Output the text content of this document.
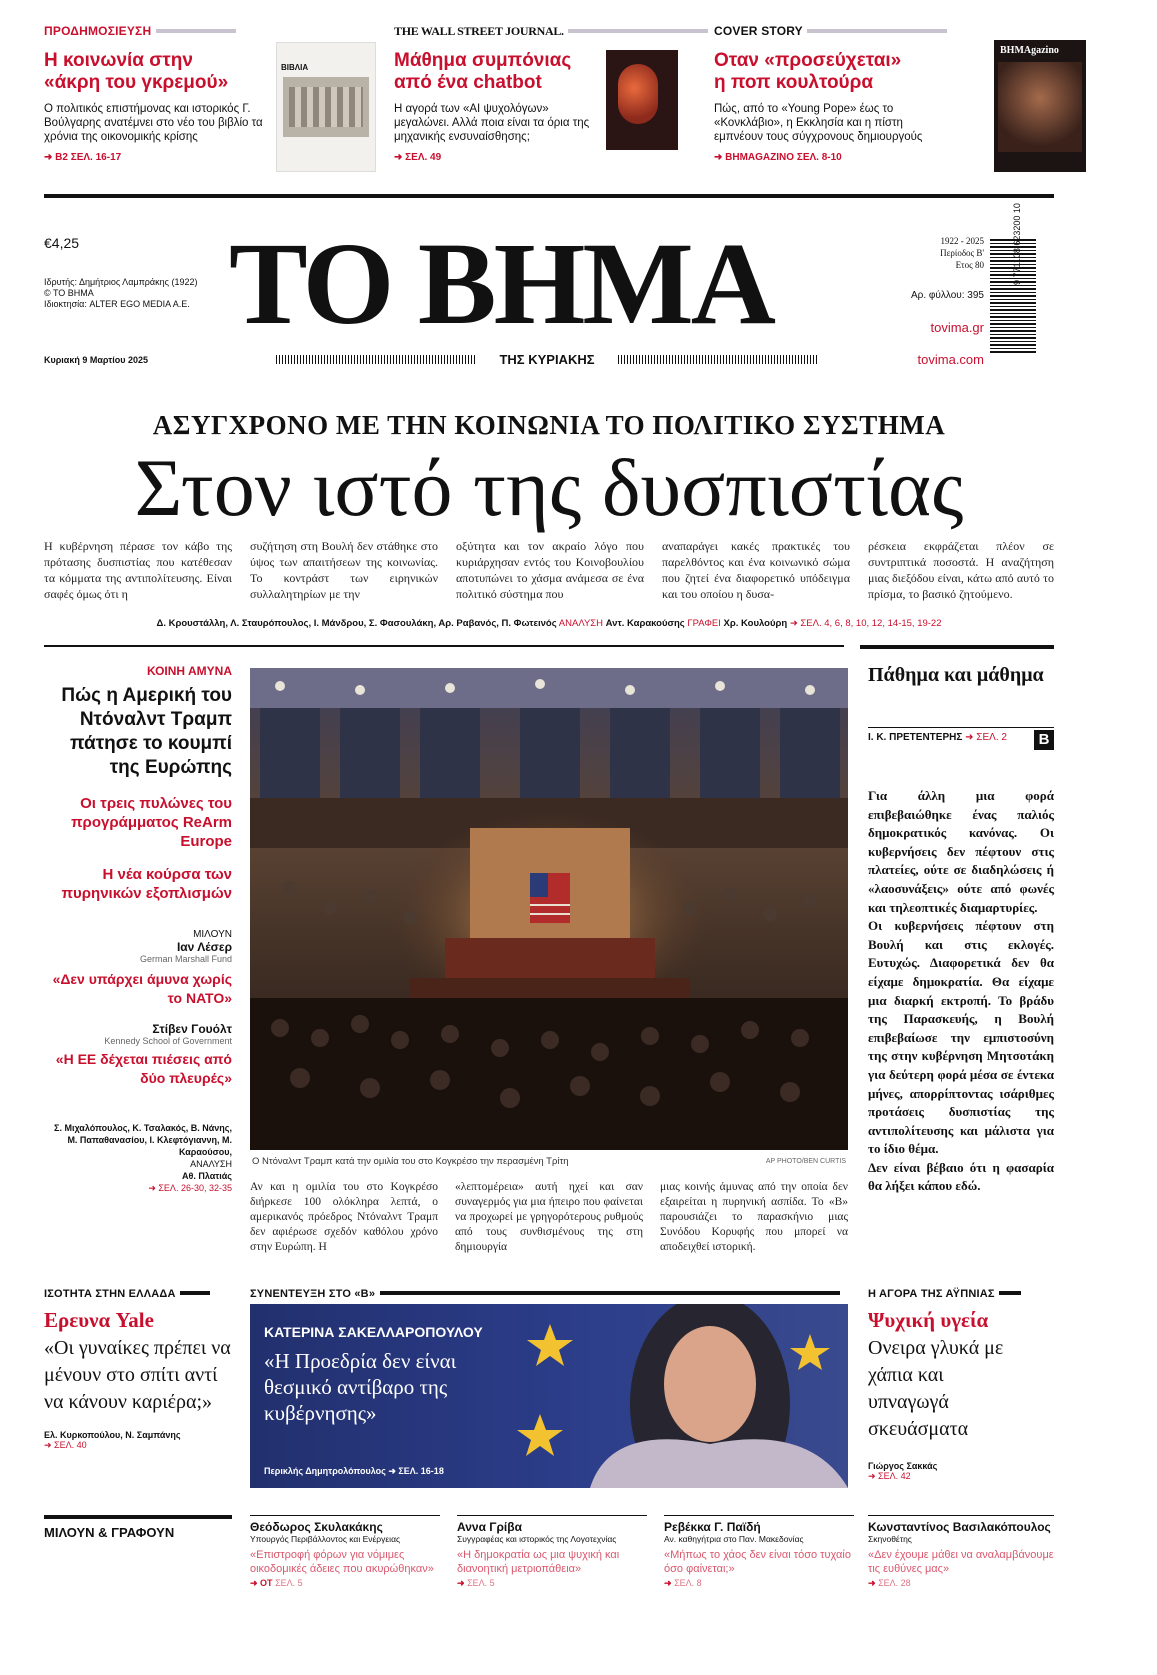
ΠΡΟΔΗΜΟΣΙΕΥΣΗ
Η κοινωνία στην
«άκρη του γκρεμού»
Ο πολιτικός επιστήμονας και ιστορικός Γ. Βούλγαρης ανατέμνει στο νέο του βιβλίο τα χρόνια της οικονομικής κρίσης
➜ Β2 ΣΕΛ. 16-17
ΒΙΒΛΙΑ
THE WALL STREET JOURNAL.
Μάθημα συμπόνιας
από ένα chatbot
Η αγορά των «AI ψυχολόγων» μεγαλώνει. Αλλά ποια είναι τα όρια της μηχανικής ενσυναίσθησης;
➜ ΣΕΛ. 49
COVER STORY
Οταν «προσεύχεται»
η ποπ κουλτούρα
Πώς, από το «Young Pope» έως το «Κονκλάβιο», η Εκκλησία και η πίστη εμπνέουν τους σύγχρονους δημιουργούς
➜ ΒΗΜΑGAZINO ΣΕΛ. 8-10
ΒΗΜΑgazino
€4,25
Ιδρυτής: Δημήτριος Λαμπράκης (1922)
© ΤΟ ΒΗΜΑ
Ιδιοκτησία: ALTER EGO MEDIA A.E.
Κυριακή 9 Μαρτίου 2025
ΤΟ ΒΗΜΑ
ΤΗΣ ΚΥΡΙΑΚΗΣ
1922 - 2025
Περίοδος Β'
Ετος 80
Αρ. φύλλου: 395
tovima.gr
tovima.com
9 771108 623200 10
ΑΣΥΓΧΡΟΝΟ ΜΕ ΤΗΝ ΚΟΙΝΩΝΙΑ ΤΟ ΠΟΛΙΤΙΚΟ ΣΥΣΤΗΜΑ
Στον ιστό της δυσπιστίας
Η κυβέρνηση πέρασε τον κάβο της πρότασης δυσπιστίας που κατέθεσαν τα κόμματα της αντιπολίτευσης. Είναι σαφές όμως ότι η
συζήτηση στη Βουλή δεν στάθηκε στο ύψος των απαιτήσεων της κοινωνίας. Το κοντράστ των ειρηνικών συλλαλητηρίων με την
οξύτητα και τον ακραίο λόγο που κυριάρχησαν εντός του Κοινοβουλίου αποτυπώνει το χάσμα ανάμεσα σε ένα πολιτικό σύστημα που
αναπαράγει κακές πρακτικές του παρελθόντος και ένα κοινωνικό σώμα που ζητεί ένα διαφορετικό υπόδειγμα και του οποίου η δυσα-
ρέσκεια εκφράζεται πλέον σε συντριπτικά ποσοστά. Η αναζήτηση μιας διεξόδου είναι, κάτω από αυτό το πρίσμα, το βασικό ζητούμενο.
Δ. Κρουστάλλη, Λ. Σταυρόπουλος, Ι. Μάνδρου, Σ. Φασουλάκη, Αρ. Ραβανός, Π. Φωτεινός ΑΝΑΛΥΣΗ Αντ. Καρακούσης ΓΡΑΦΕΙ Χρ. Κουλούρη ➜ ΣΕΛ. 4, 6, 8, 10, 12, 14-15, 19-22
ΚΟΙΝΗ ΑΜΥΝΑ
Πώς η Αμερική του Ντόναλντ Τραμπ πάτησε το κουμπί της Ευρώπης
Οι τρεις πυλώνες του προγράμματος ReArm Europe
Η νέα κούρσα των πυρηνικών εξοπλισμών
ΜΙΛΟΥΝ
Ιαν Λέσερ
German Marshall Fund
«Δεν υπάρχει άμυνα χωρίς το ΝΑΤΟ»
Στίβεν Γουόλτ
Kennedy School of Government
«Η ΕΕ δέχεται πιέσεις από δύο πλευρές»
Σ. Μιχαλόπουλος, Κ. Τσαλακός, Β. Νάνης, Μ. Παπαθανασίου, Ι. Κλεφτόγιαννη, Μ. Καραούσου,
ΑΝΑΛΥΣΗ
Αθ. Πλατιάς
➜ ΣΕΛ. 26-30, 32-35
Ο Ντόναλντ Τραμπ κατά την ομιλία του στο Κογκρέσο την περασμένη Τρίτη	AP PHOTO/BEN CURTIS
Αν και η ομιλία του στο Κογκρέσο διήρκεσε 100 ολόκληρα λεπτά, ο αμερικανός πρόεδρος Ντόναλντ Τραμπ δεν αφιέρωσε σχεδόν καθόλου χρόνο στην Ευρώπη. Η
«λεπτομέρεια» αυτή ηχεί και σαν συναγερμός για μια ήπειρο που φαίνεται να προχωρεί με γρηγορότερους ρυθμούς από τους συνθισμένους της στη δημιουργία
μιας κοινής άμυνας από την οποία δεν εξαιρείται η πυρηνική ασπίδα. Το «Β» παρουσιάζει το παρασκήνιο μιας Συνόδου Κορυφής που μπορεί να αποδειχθεί ιστορική.
Πάθημα και μάθημα
Ι. Κ. ΠΡΕΤΕΝΤΕΡΗΣ ➜ ΣΕΛ. 2	Β
Για άλλη μια φορά επιβεβαιώθηκε ένας παλιός δημοκρατικός κανόνας. Οι κυβερνήσεις δεν πέφτουν στις πλατείες, ούτε σε διαδηλώσεις ή «λαοσυνάξεις» ούτε από φωνές και τηλεοπτικές διαμαρτυρίες.
Οι κυβερνήσεις πέφτουν στη Βουλή και στις εκλογές. Ευτυχώς. Διαφορετικά δεν θα είχαμε δημοκρατία. Θα είχαμε μια διαρκή εκτροπή. Το βράδυ της Παρασκευής, η Βουλή επιβεβαίωσε την εμπιστοσύνη της στην κυβέρνηση Μητσοτάκη για δεύτερη φορά μέσα σε έντεκα μήνες, απορρίπτοντας ισάριθμες προτάσεις δυσπιστίας της αντιπολίτευσης και μάλιστα για το ίδιο θέμα.
Δεν είναι βέβαιο ότι η φασαρία θα λήξει κάπου εδώ.
ΙΣΟΤΗΤΑ ΣΤΗΝ ΕΛΛΑΔΑ
Ερευνα Yale
«Οι γυναίκες πρέπει να μένουν στο σπίτι αντί να κάνουν καριέρα;»
Ελ. Κυρκοπούλου, Ν. Σαμπάνης
➜ ΣΕΛ. 40
ΣΥΝΕΝΤΕΥΞΗ ΣΤΟ «Β»
ΚΑΤΕΡΙΝΑ ΣΑΚΕΛΛΑΡΟΠΟΥΛΟΥ
«Η Προεδρία δεν είναι θεσμικό αντίβαρο της κυβέρνησης»
Περικλής Δημητρολόπουλος ➜ ΣΕΛ. 16-18
Η ΑΓΟΡΑ ΤΗΣ ΑΫΠΝΙΑΣ
Ψυχική υγεία
Ονειρα γλυκά με χάπια και υπναγωγά σκευάσματα
Γιώργος Σακκάς
➜ ΣΕΛ. 42
ΜΙΛΟΥΝ & ΓΡΑΦΟΥΝ	Θεόδωρος Σκυλακάκης
Υπουργός Περιβάλλοντος και Ενέργειας
«Επιστροφή φόρων για νόμιμες οικοδομικές άδειες που ακυρώθηκαν»
➜ ΟΤ ΣΕΛ. 5
Αννα Γρίβα
Συγγραφέας και ιστορικός της Λογοτεχνίας
«Η δημοκρατία ως μια ψυχική και διανοητική μετριοπάθεια»
➜ ΣΕΛ. 5
Ρεβέκκα Γ. Παϊδή
Αν. καθηγήτρια στο Παν. Μακεδονίας
«Μήπως το χάος δεν είναι τόσο τυχαίο όσο φαίνεται;»
➜ ΣΕΛ. 8
Κωνσταντίνος Βασιλακόπουλος
Σκηνοθέτης
«Δεν έχουμε μάθει να αναλαμβάνουμε τις ευθύνες μας»
➜ ΣΕΛ. 28
